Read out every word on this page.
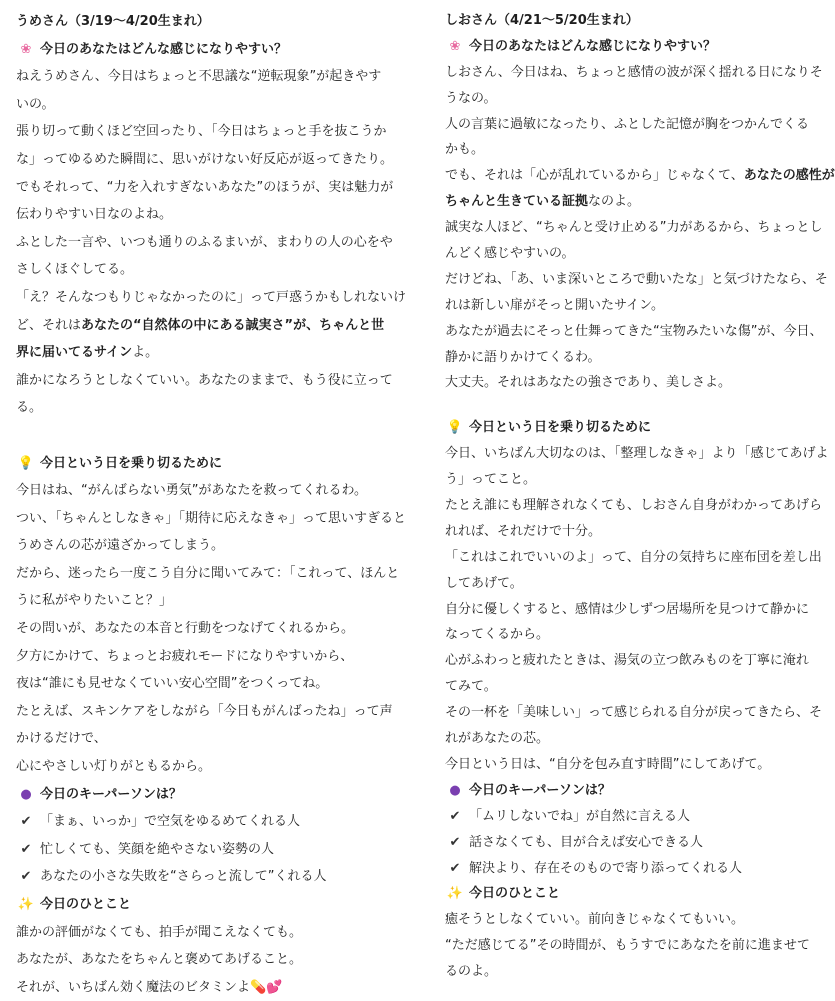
うめさん（3/19〜4/20生まれ）
❀ 今日のあなたはどんな感じになりやすい？
ねえうめさん、今日はちょっと不思議な“逆転現象”が起きやす
いの。
張り切って動くほど空回ったり、「今日はちょっと手を抜こうか
な」ってゆるめた瞬間に、思いがけない好反応が返ってきたり。
でもそれって、“力を入れすぎないあなた”のほうが、実は魅力が
伝わりやすい日なのよね。
ふとした一言や、いつも通りのふるまいが、まわりの人の心をや
さしくほぐしてる。
「え？そんなつもりじゃなかったのに」って戸惑うかもしれないけ
ど、それはあなたの“自然体の中にある誠実さ”が、ちゃんと世
界に届いてるサインよ。
誰かになろうとしなくていい。あなたのままで、もう役に立って
る。
💡 今日という日を乗り切るために
今日はね、“がんばらない勇気”があなたを救ってくれるわ。
つい、「ちゃんとしなきゃ」「期待に応えなきゃ」って思いすぎると
うめさんの芯が遠ざかってしまう。
だから、迷ったら一度こう自分に聞いてみて：「これって、ほんと
うに私がやりたいこと？」
その問いが、あなたの本音と行動をつなげてくれるから。
夕方にかけて、ちょっとお疲れモードになりやすいから、
夜は“誰にも見せなくていい安心空間”をつくってね。
たとえば、スキンケアをしながら「今日もがんばったね」って声
かけるだけで、
心にやさしい灯りがともるから。
● 今日のキーパーソンは？
✔ 「まぁ、いっか」で空気をゆるめてくれる人
✔ 忙しくても、笑顔を絶やさない姿勢の人
✔ あなたの小さな失敗を“さらっと流して”くれる人
✨ 今日のひとこと
誰かの評価がなくても、拍手が聞こえなくても。
あなたが、あなたをちゃんと褒めてあげること。
それが、いちばん効く魔法のビタミンよ💊💕
しおさん（4/21〜5/20生まれ）
❀ 今日のあなたはどんな感じになりやすい？
しおさん、今日はね、ちょっと感情の波が深く揺れる日になりそ
うなの。
人の言葉に過敏になったり、ふとした記憶が胸をつかんでくる
かも。
でも、それは「心が乱れているから」じゃなくて、あなたの感性が
ちゃんと生きている証拠なのよ。
誠実な人ほど、“ちゃんと受け止める”力があるから、ちょっとし
んどく感じやすいの。
だけどね、「あ、いま深いところで動いたな」と気づけたなら、そ
れは新しい扉がそっと開いたサイン。
あなたが過去にそっと仕舞ってきた“宝物みたいな傷”が、今日、
静かに語りかけてくるわ。
大丈夫。それはあなたの強さであり、美しさよ。
💡 今日という日を乗り切るために
今日、いちばん大切なのは、「整理しなきゃ」より「感じてあげよ
う」ってこと。
たとえ誰にも理解されなくても、しおさん自身がわかってあげら
れれば、それだけで十分。
「これはこれでいいのよ」って、自分の気持ちに座布団を差し出
してあげて。
自分に優しくすると、感情は少しずつ居場所を見つけて静かに
なってくるから。
心がふわっと疲れたときは、湯気の立つ飲みものを丁寧に淹れ
てみて。
その一杯を「美味しい」って感じられる自分が戻ってきたら、そ
れがあなたの芯。
今日という日は、“自分を包み直す時間”にしてあげて。
● 今日のキーパーソンは？
✔ 「ムリしないでね」が自然に言える人
✔ 話さなくても、目が合えば安心できる人
✔ 解決より、存在そのもので寄り添ってくれる人
✨ 今日のひとこと
癒そうとしなくていい。前向きじゃなくてもいい。
“ただ感じてる”その時間が、もうすでにあなたを前に進ませて
るのよ。
